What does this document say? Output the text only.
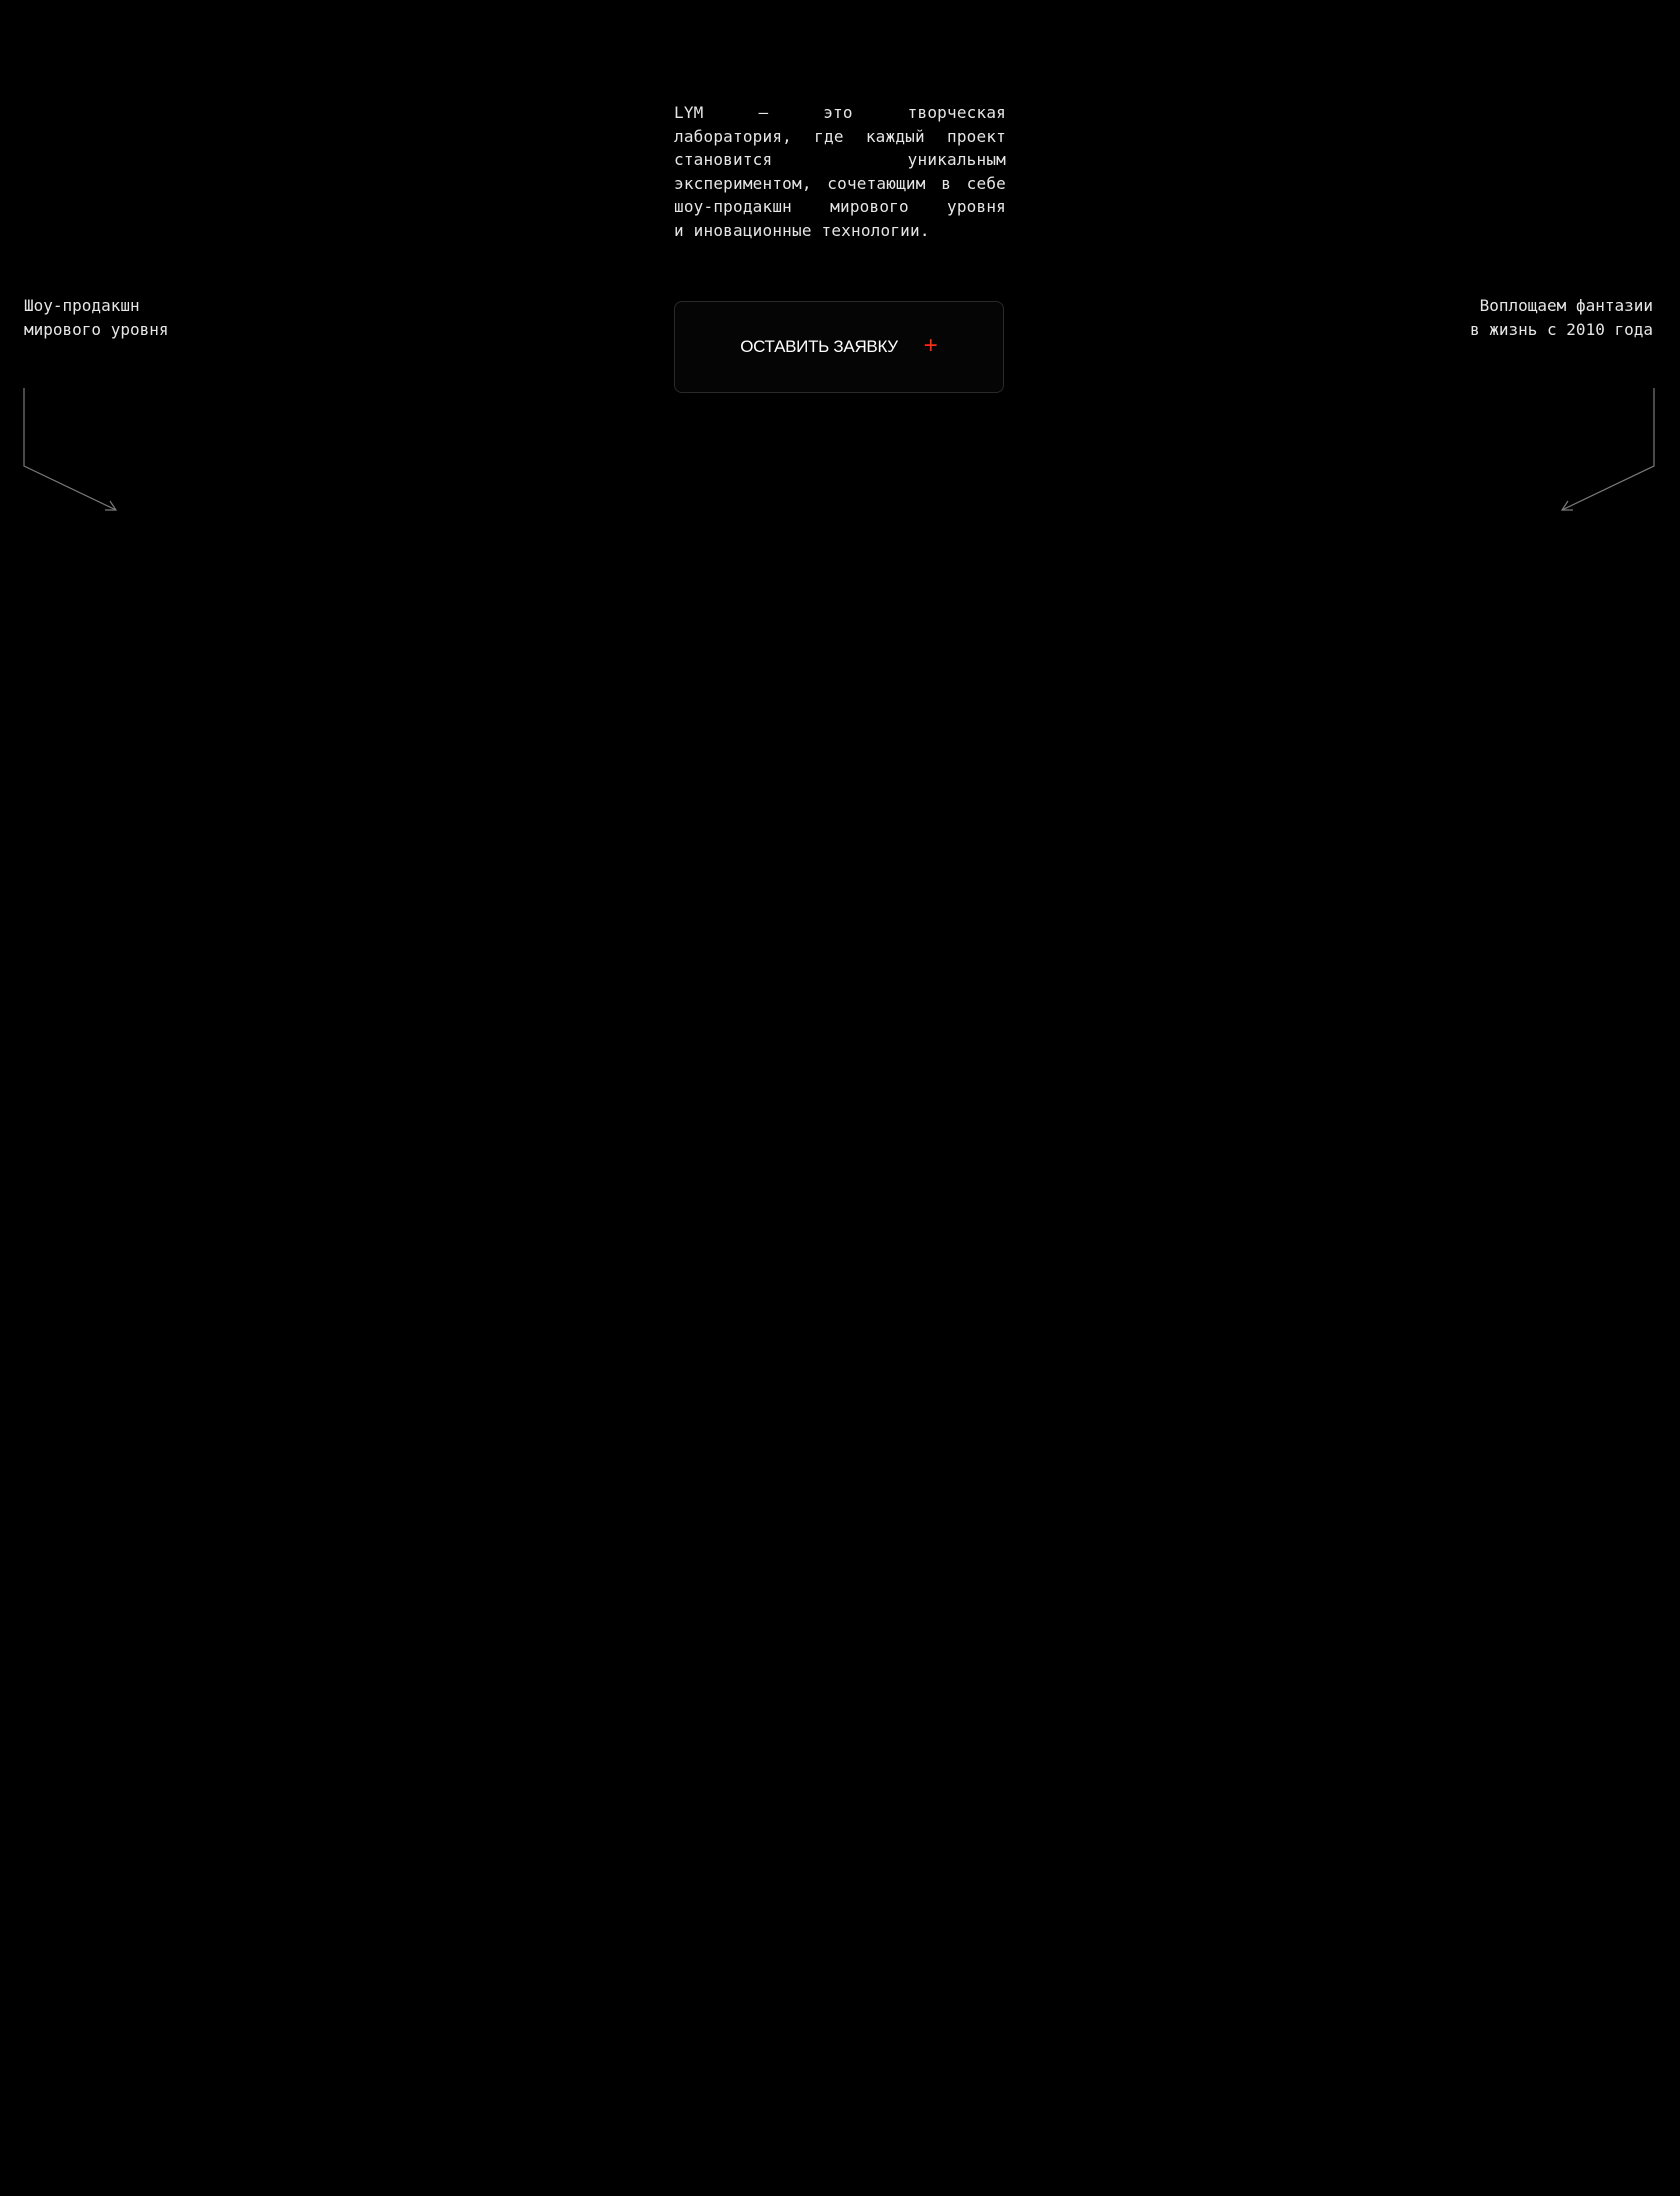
LYM – это творческая
лаборатория, где каждый проект
становится уникальным
экспериментом, сочетающим в себе
шоу-продакшн мирового уровня
и иновационные технологии.
ОСТАВИТЬ ЗАЯВКУ +
Шоу-продакшн
мирового уровня
Воплощаем фантазии
в жизнь с 2010 года
